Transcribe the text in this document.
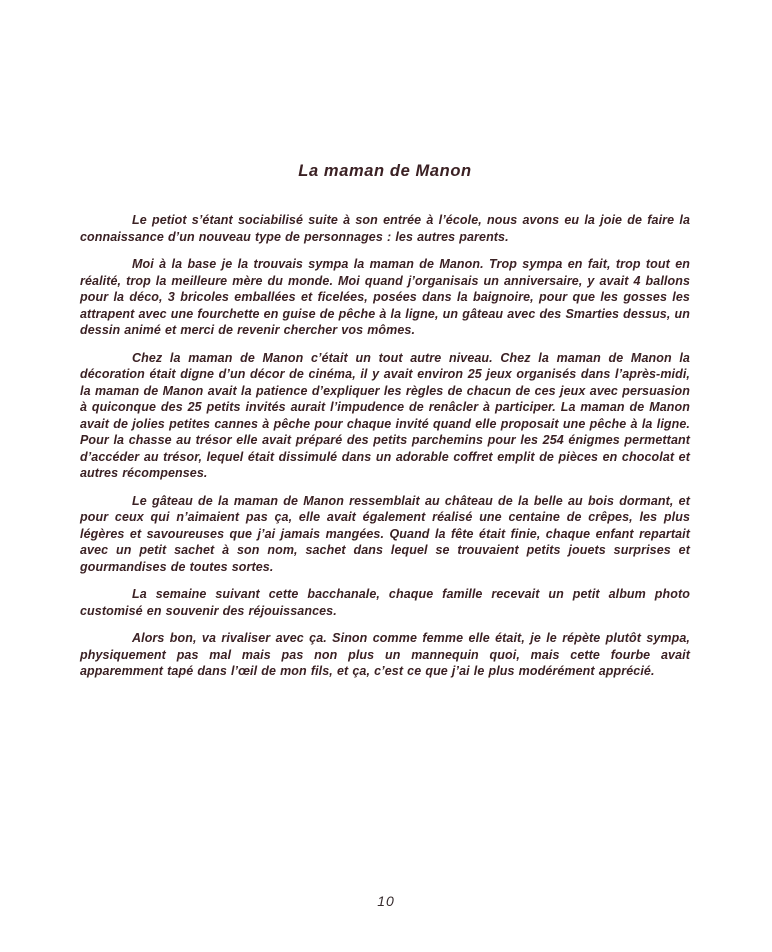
La maman de Manon

Le petiot s’étant sociabilisé suite à son entrée à l’école, nous avons eu la joie de faire la connaissance d’un nouveau type de personnages : les autres parents.

Moi à la base je la trouvais sympa la maman de Manon. Trop sympa en fait, trop tout en réalité, trop la meilleure mère du monde. Moi quand j’organisais un anniversaire, y avait 4 ballons pour la déco, 3 bricoles emballées et ficelées, posées dans la baignoire, pour que les gosses les attrapent avec une fourchette en guise de pêche à la ligne, un gâteau avec des Smarties dessus, un dessin animé et merci de revenir chercher vos mômes.

Chez la maman de Manon c’était un tout autre niveau. Chez la maman de Manon la décoration était digne d’un décor de cinéma, il y avait environ 25 jeux organisés dans l’après-midi, la maman de Manon avait la patience d’expliquer les règles de chacun de ces jeux avec persuasion à quiconque des 25 petits invités aurait l’impudence de renâcler à participer. La maman de Manon avait de jolies petites cannes à pêche pour chaque invité quand elle proposait une pêche à la ligne. Pour la chasse au trésor elle avait préparé des petits parchemins pour les 254 énigmes permettant d’accéder au trésor, lequel était dissimulé dans un adorable coffret emplit de pièces en chocolat et autres récompenses.

Le gâteau de la maman de Manon ressemblait au château de la belle au bois dormant, et pour ceux qui n’aimaient pas ça, elle avait également réalisé une centaine de crêpes, les plus légères et savoureuses que j’ai jamais mangées. Quand la fête était finie, chaque enfant repartait avec un petit sachet à son nom, sachet dans lequel se trouvaient petits jouets surprises et gourmandises de toutes sortes.

La semaine suivant cette bacchanale, chaque famille recevait un petit album photo customisé en souvenir des réjouissances.

Alors bon, va rivaliser avec ça. Sinon comme femme elle était, je le répète plutôt sympa, physiquement pas mal mais pas non plus un mannequin quoi, mais cette fourbe avait apparemment tapé dans l’œil de mon fils, et ça, c’est ce que j’ai le plus modérément apprécié.

10
